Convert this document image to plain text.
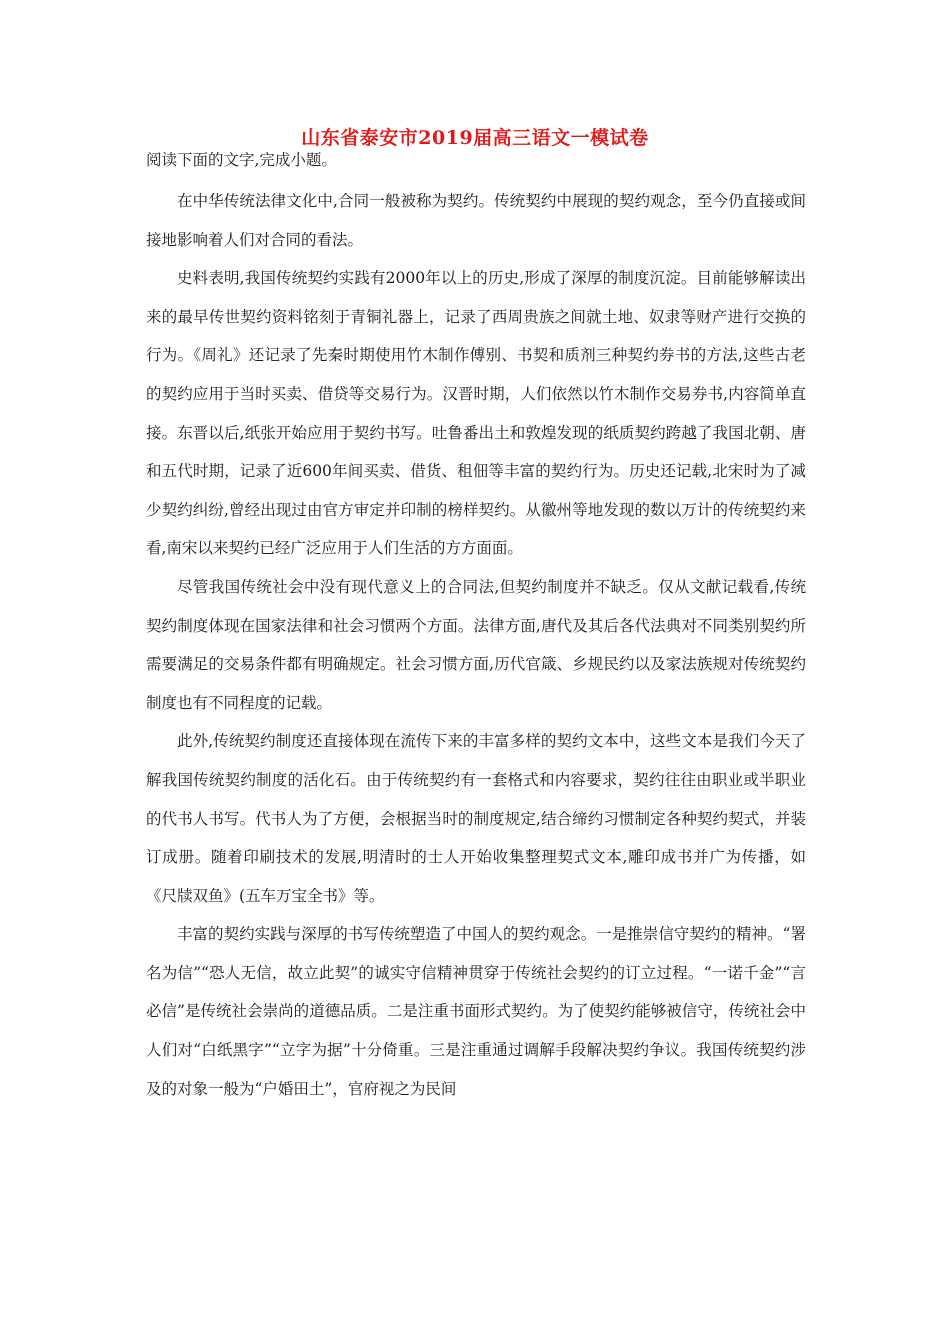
山东省泰安市2019届高三语文一模试卷
阅读下面的文字,完成小题。

在中华传统法律文化中,合同一般被称为契约。传统契约中展现的契约观念，至今仍直接或间接地影响着人们对合同的看法。

史料表明,我国传统契约实践有2000年以上的历史,形成了深厚的制度沉淀。目前能够解读出来的最早传世契约资料铭刻于青铜礼器上，记录了西周贵族之间就土地、奴隶等财产进行交换的行为。《周礼》还记录了先秦时期使用竹木制作傅别、书契和质剂三种契约券书的方法,这些古老的契约应用于当时买卖、借贷等交易行为。汉晋时期，人们依然以竹木制作交易券书,内容简单直接。东晋以后,纸张开始应用于契约书写。吐鲁番出土和敦煌发现的纸质契约跨越了我国北朝、唐和五代时期，记录了近600年间买卖、借货、租佃等丰富的契约行为。历史还记载,北宋时为了减少契约纠纷,曾经出现过由官方审定并印制的榜样契约。从徽州等地发现的数以万计的传统契约来看,南宋以来契约已经广泛应用于人们生活的方方面面。

尽管我国传统社会中没有现代意义上的合同法,但契约制度并不缺乏。仅从文献记载看,传统契约制度体现在国家法律和社会习惯两个方面。法律方面,唐代及其后各代法典对不同类别契约所需要满足的交易条件都有明确规定。社会习惯方面,历代官箴、乡规民约以及家法族规对传统契约制度也有不同程度的记载。

此外,传统契约制度还直接体现在流传下来的丰富多样的契约文本中，这些文本是我们今天了解我国传统契约制度的活化石。由于传统契约有一套格式和内容要求，契约往往由职业或半职业的代书人书写。代书人为了方便，会根据当时的制度规定,结合缔约习惯制定各种契约契式，并装订成册。随着印刷技术的发展,明清时的士人开始收集整理契式文本,雕印成书并广为传播，如《尺牍双鱼》(五车万宝全书》等。

丰富的契约实践与深厚的书写传统塑造了中国人的契约观念。一是推崇信守契约的精神。“署名为信”“恐人无信，故立此契”的诚实守信精神贯穿于传统社会契约的订立过程。“一诺千金”“言必信”是传统社会崇尚的道德品质。二是注重书面形式契约。为了使契约能够被信守，传统社会中人们对“白纸黑字”“立字为据”十分倚重。三是注重通过调解手段解决契约争议。我国传统契约涉及的对象一般为“户婚田土”，官府视之为民间
